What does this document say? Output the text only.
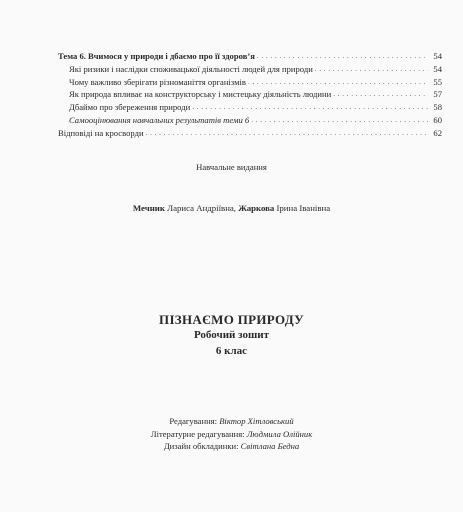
Тема 6. Вчимося у природи і дбаємо про її здоров’я . . .	54
Які ризики і наслідки споживацької діяльності людей для природи . . .	54
Чому важливо зберігати різноманіття організмів . . .	55
Як природа впливає на конструкторську і мистецьку діяльність людини . . .	57
Дбаймо про збереження природи . . .	58
Самооцінювання навчальних результатів теми 6 . . .	60
Відповіді на кросворди . . .	62
Навчальне видання
Мечник Лариса Андріївна, Жаркова Ірина Іванівна
ПІЗНАЄМО ПРИРОДУ
Робочий зошит
6 клас
Редагування: Віктор Хітловський
Літературне редагування: Людмила Олійник
Дизайн обкладинки: Світлана Бедна
